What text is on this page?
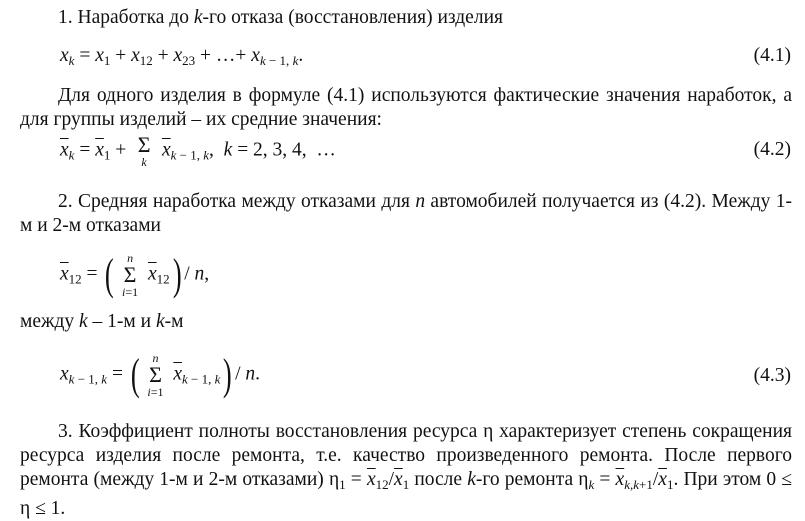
1. Наработка до k-го отказа (восстановления) изделия
$x_k = x_1 + x_{12} + x_{23}$ + …+ $x_{k - 1, k}$.	(4.1)
Для одного изделия в формуле (4.1) используются фактические значения наработок, а для группы изделий – их средние значения:
$\overline{x}_k = \overline{x}_1 + \Sigma$
k
$\overline{x}_{k - 1, k}$,  k = 2, 3, 4,  …	(4.2)
2. Средняя наработка между отказами для n автомобилей получается из (4.2). Между 1-м и 2-м отказами
$\overline{x}_{12}$ = (	n
Σ
i=1
$\overline{x}_{12}$) / n,
между k – 1-м и k-м
$x_{k - 1, k}$ = (	n
Σ
i=1
$\overline{x}_{k - 1, k}$) / n.	(4.3)
3. Коэффициент полноты восстановления ресурса η характеризует степень сокращения ресурса изделия после ремонта, т.е. качество произведенного ремонта. После первого ремонта (между 1-м и 2-м отказами) $\eta_1 = \overline{x}_{12}/\overline{x}_1$ после k-го ремонта $\eta_k = \overline{x}_{k,k+1}/\overline{x}_1$. При этом 0 ≤ η ≤ 1.
